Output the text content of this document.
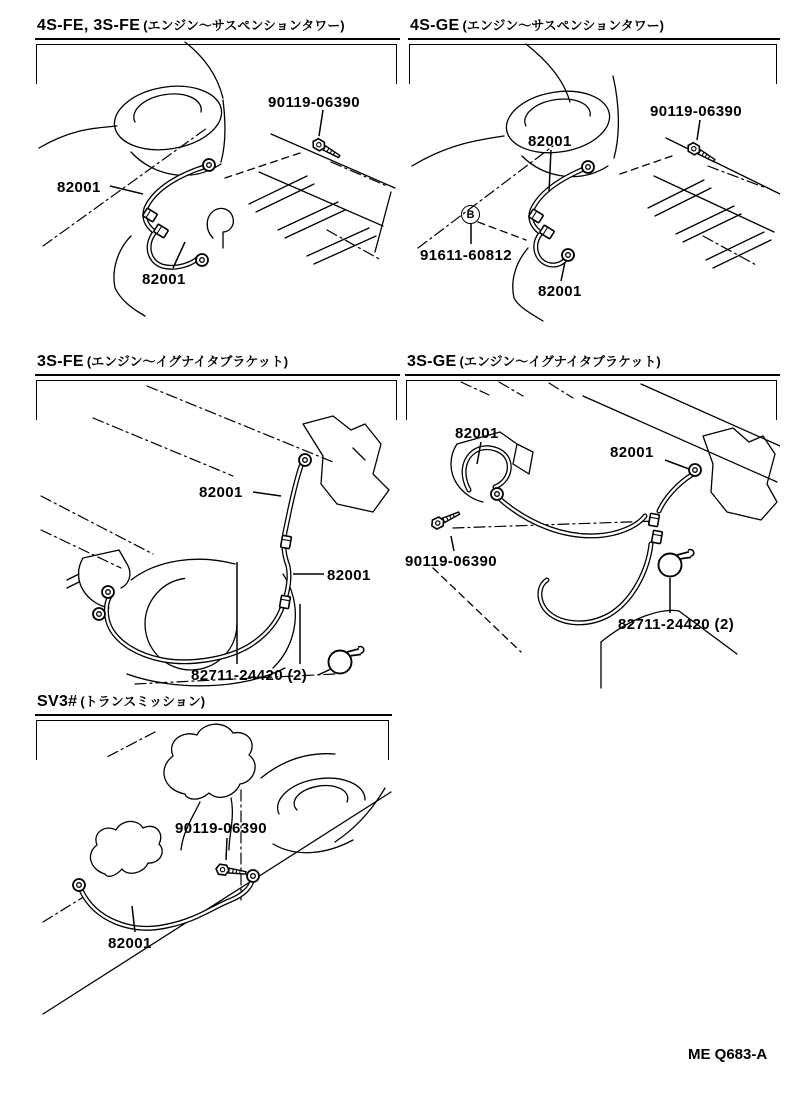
4S-FE, 3S-FE (エンジン～サスペンションタワー)
90119-06390
82001
82001
4S-GE (エンジン～サスペンションタワー)
82001
90119-06390
B
91611-60812
82001
3S-FE (エンジン～イグナイタブラケット)
82001
82001
82711-24420 (2)
3S-GE (エンジン～イグナイタブラケット)
82001
82001
90119-06390
82711-24420 (2)
SV3# (トランスミッション)
90119-06390
82001
ME Q683-A
